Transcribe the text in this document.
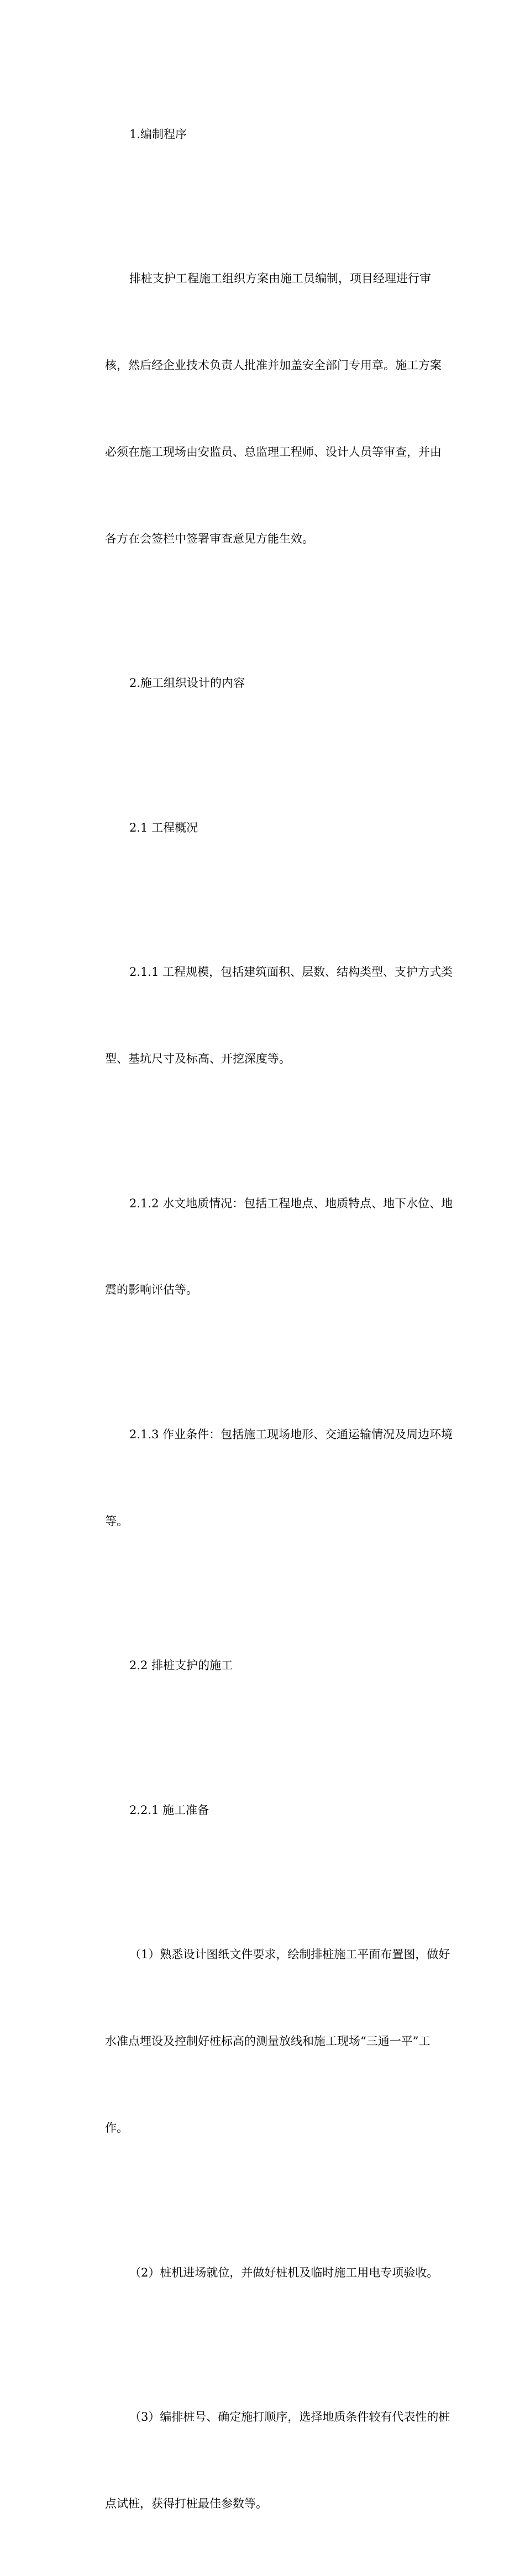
1.编制程序

排桩支护工程施工组织方案由施工员编制，项目经理进行审

核，然后经企业技术负责人批准并加盖安全部门专用章。施工方案

必须在施工现场由安监员、总监理工程师、设计人员等审查，并由

各方在会签栏中签署审查意见方能生效。

2.施工组织设计的内容

2.1 工程概况

2.1.1 工程规模，包括建筑面积、层数、结构类型、支护方式类

型、基坑尺寸及标高、开挖深度等。

2.1.2 水文地质情况：包括工程地点、地质特点、地下水位、地

震的影响评估等。

2.1.3 作业条件：包括施工现场地形、交通运输情况及周边环境

等。

2.2 排桩支护的施工

2.2.1 施工准备

（1）熟悉设计图纸文件要求，绘制排桩施工平面布置图，做好

水准点埋设及控制好桩标高的测量放线和施工现场“三通一平”工

作。

（2）桩机进场就位，并做好桩机及临时施工用电专项验收。

（3）编排桩号、确定施打顺序，选择地质条件较有代表性的桩

点试桩，获得打桩最佳参数等。
